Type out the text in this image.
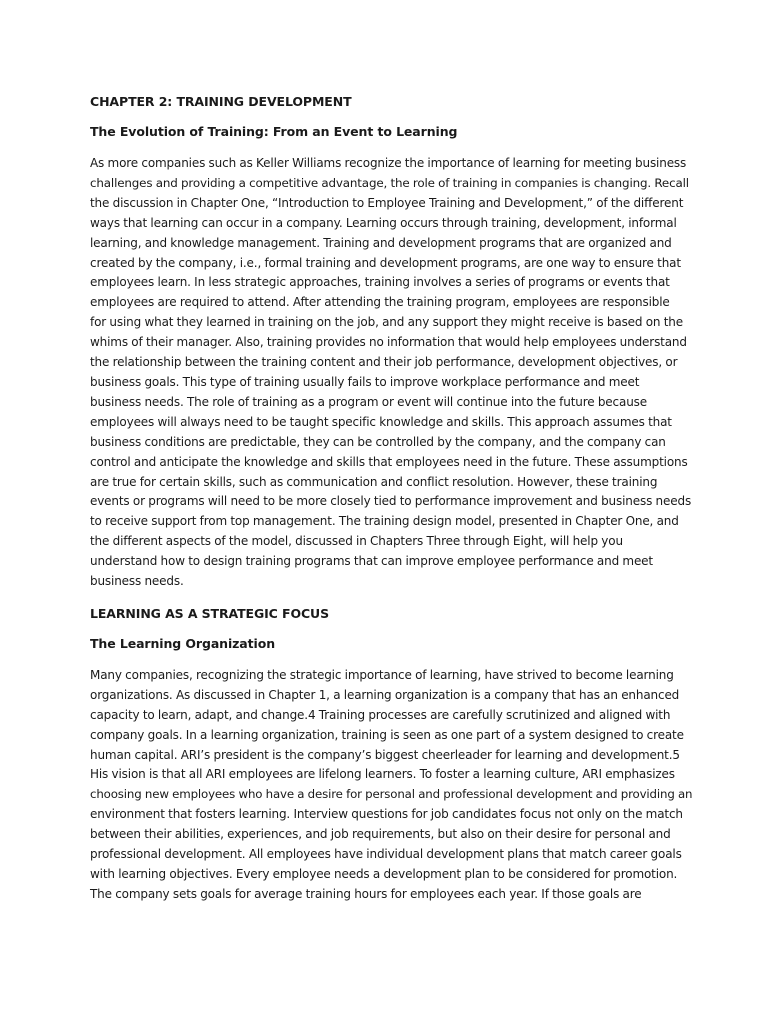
CHAPTER 2: TRAINING DEVELOPMENT
The Evolution of Training: From an Event to Learning

As more companies such as Keller Williams recognize the importance of learning for meeting business
challenges and providing a competitive advantage, the role of training in companies is changing. Recall
the discussion in Chapter One, “Introduction to Employee Training and Development,” of the different
ways that learning can occur in a company. Learning occurs through training, development, informal
learning, and knowledge management. Training and development programs that are organized and
created by the company, i.e., formal training and development programs, are one way to ensure that
employees learn. In less strategic approaches, training involves a series of programs or events that
employees are required to attend. After attending the training program, employees are responsible
for using what they learned in training on the job, and any support they might receive is based on the
whims of their manager. Also, training provides no information that would help employees understand
the relationship between the training content and their job performance, development objectives, or
business goals. This type of training usually fails to improve workplace performance and meet
business needs. The role of training as a program or event will continue into the future because
employees will always need to be taught specific knowledge and skills. This approach assumes that
business conditions are predictable, they can be controlled by the company, and the company can
control and anticipate the knowledge and skills that employees need in the future. These assumptions
are true for certain skills, such as communication and conflict resolution. However, these training
events or programs will need to be more closely tied to performance improvement and business needs
to receive support from top management. The training design model, presented in Chapter One, and
the different aspects of the model, discussed in Chapters Three through Eight, will help you
understand how to design training programs that can improve employee performance and meet
business needs.

LEARNING AS A STRATEGIC FOCUS
The Learning Organization

Many companies, recognizing the strategic importance of learning, have strived to become learning
organizations. As discussed in Chapter 1, a learning organization is a company that has an enhanced
capacity to learn, adapt, and change.4 Training processes are carefully scrutinized and aligned with
company goals. In a learning organization, training is seen as one part of a system designed to create
human capital. ARI’s president is the company’s biggest cheerleader for learning and development.5
His vision is that all ARI employees are lifelong learners. To foster a learning culture, ARI emphasizes
choosing new employees who have a desire for personal and professional development and providing an
environment that fosters learning. Interview questions for job candidates focus not only on the match
between their abilities, experiences, and job requirements, but also on their desire for personal and
professional development. All employees have individual development plans that match career goals
with learning objectives. Every employee needs a development plan to be considered for promotion.
The company sets goals for average training hours for employees each year. If those goals are
